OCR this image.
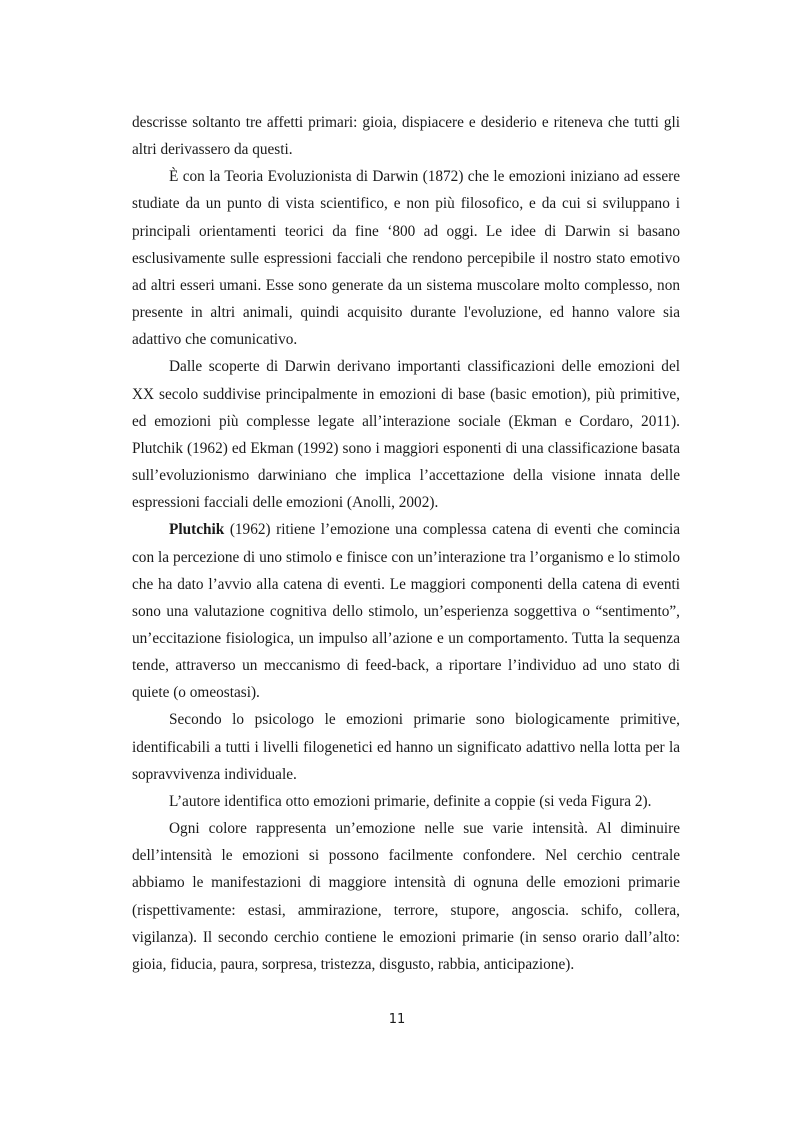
descrisse soltanto tre affetti primari: gioia, dispiacere e desiderio e riteneva che tutti gli altri derivassero da questi.

È con la Teoria Evoluzionista di Darwin (1872) che le emozioni iniziano ad essere studiate da un punto di vista scientifico, e non più filosofico, e da cui si sviluppano i principali orientamenti teorici da fine ‘800 ad oggi. Le idee di Darwin si basano esclusivamente sulle espressioni facciali che rendono percepibile il nostro stato emotivo ad altri esseri umani. Esse sono generate da un sistema muscolare molto complesso, non presente in altri animali, quindi acquisito durante l'evoluzione, ed hanno valore sia adattivo che comunicativo.

Dalle scoperte di Darwin derivano importanti classificazioni delle emozioni del XX secolo suddivise principalmente in emozioni di base (basic emotion), più primitive, ed emozioni più complesse legate all’interazione sociale (Ekman e Cordaro, 2011). Plutchik (1962) ed Ekman (1992) sono i maggiori esponenti di una classificazione basata sull’evoluzionismo darwiniano che implica l’accettazione della visione innata delle espressioni facciali delle emozioni (Anolli, 2002).

Plutchik (1962) ritiene l’emozione una complessa catena di eventi che comincia con la percezione di uno stimolo e finisce con un’interazione tra l’organismo e lo stimolo che ha dato l’avvio alla catena di eventi. Le maggiori componenti della catena di eventi sono una valutazione cognitiva dello stimolo, un’esperienza soggettiva o “sentimento”, un’eccitazione fisiologica, un impulso all’azione e un comportamento. Tutta la sequenza tende, attraverso un meccanismo di feed-back, a riportare l’individuo ad uno stato di quiete (o omeostasi).

Secondo lo psicologo le emozioni primarie sono biologicamente primitive, identificabili a tutti i livelli filogenetici ed hanno un significato adattivo nella lotta per la sopravvivenza individuale.

L’autore identifica otto emozioni primarie, definite a coppie (si veda Figura 2).

Ogni colore rappresenta un’emozione nelle sue varie intensità. Al diminuire dell’intensità le emozioni si possono facilmente confondere. Nel cerchio centrale abbiamo le manifestazioni di maggiore intensità di ognuna delle emozioni primarie (rispettivamente: estasi, ammirazione, terrore, stupore, angoscia. schifo, collera, vigilanza). Il secondo cerchio contiene le emozioni primarie (in senso orario dall’alto: gioia, fiducia, paura, sorpresa, tristezza, disgusto, rabbia, anticipazione).

11
